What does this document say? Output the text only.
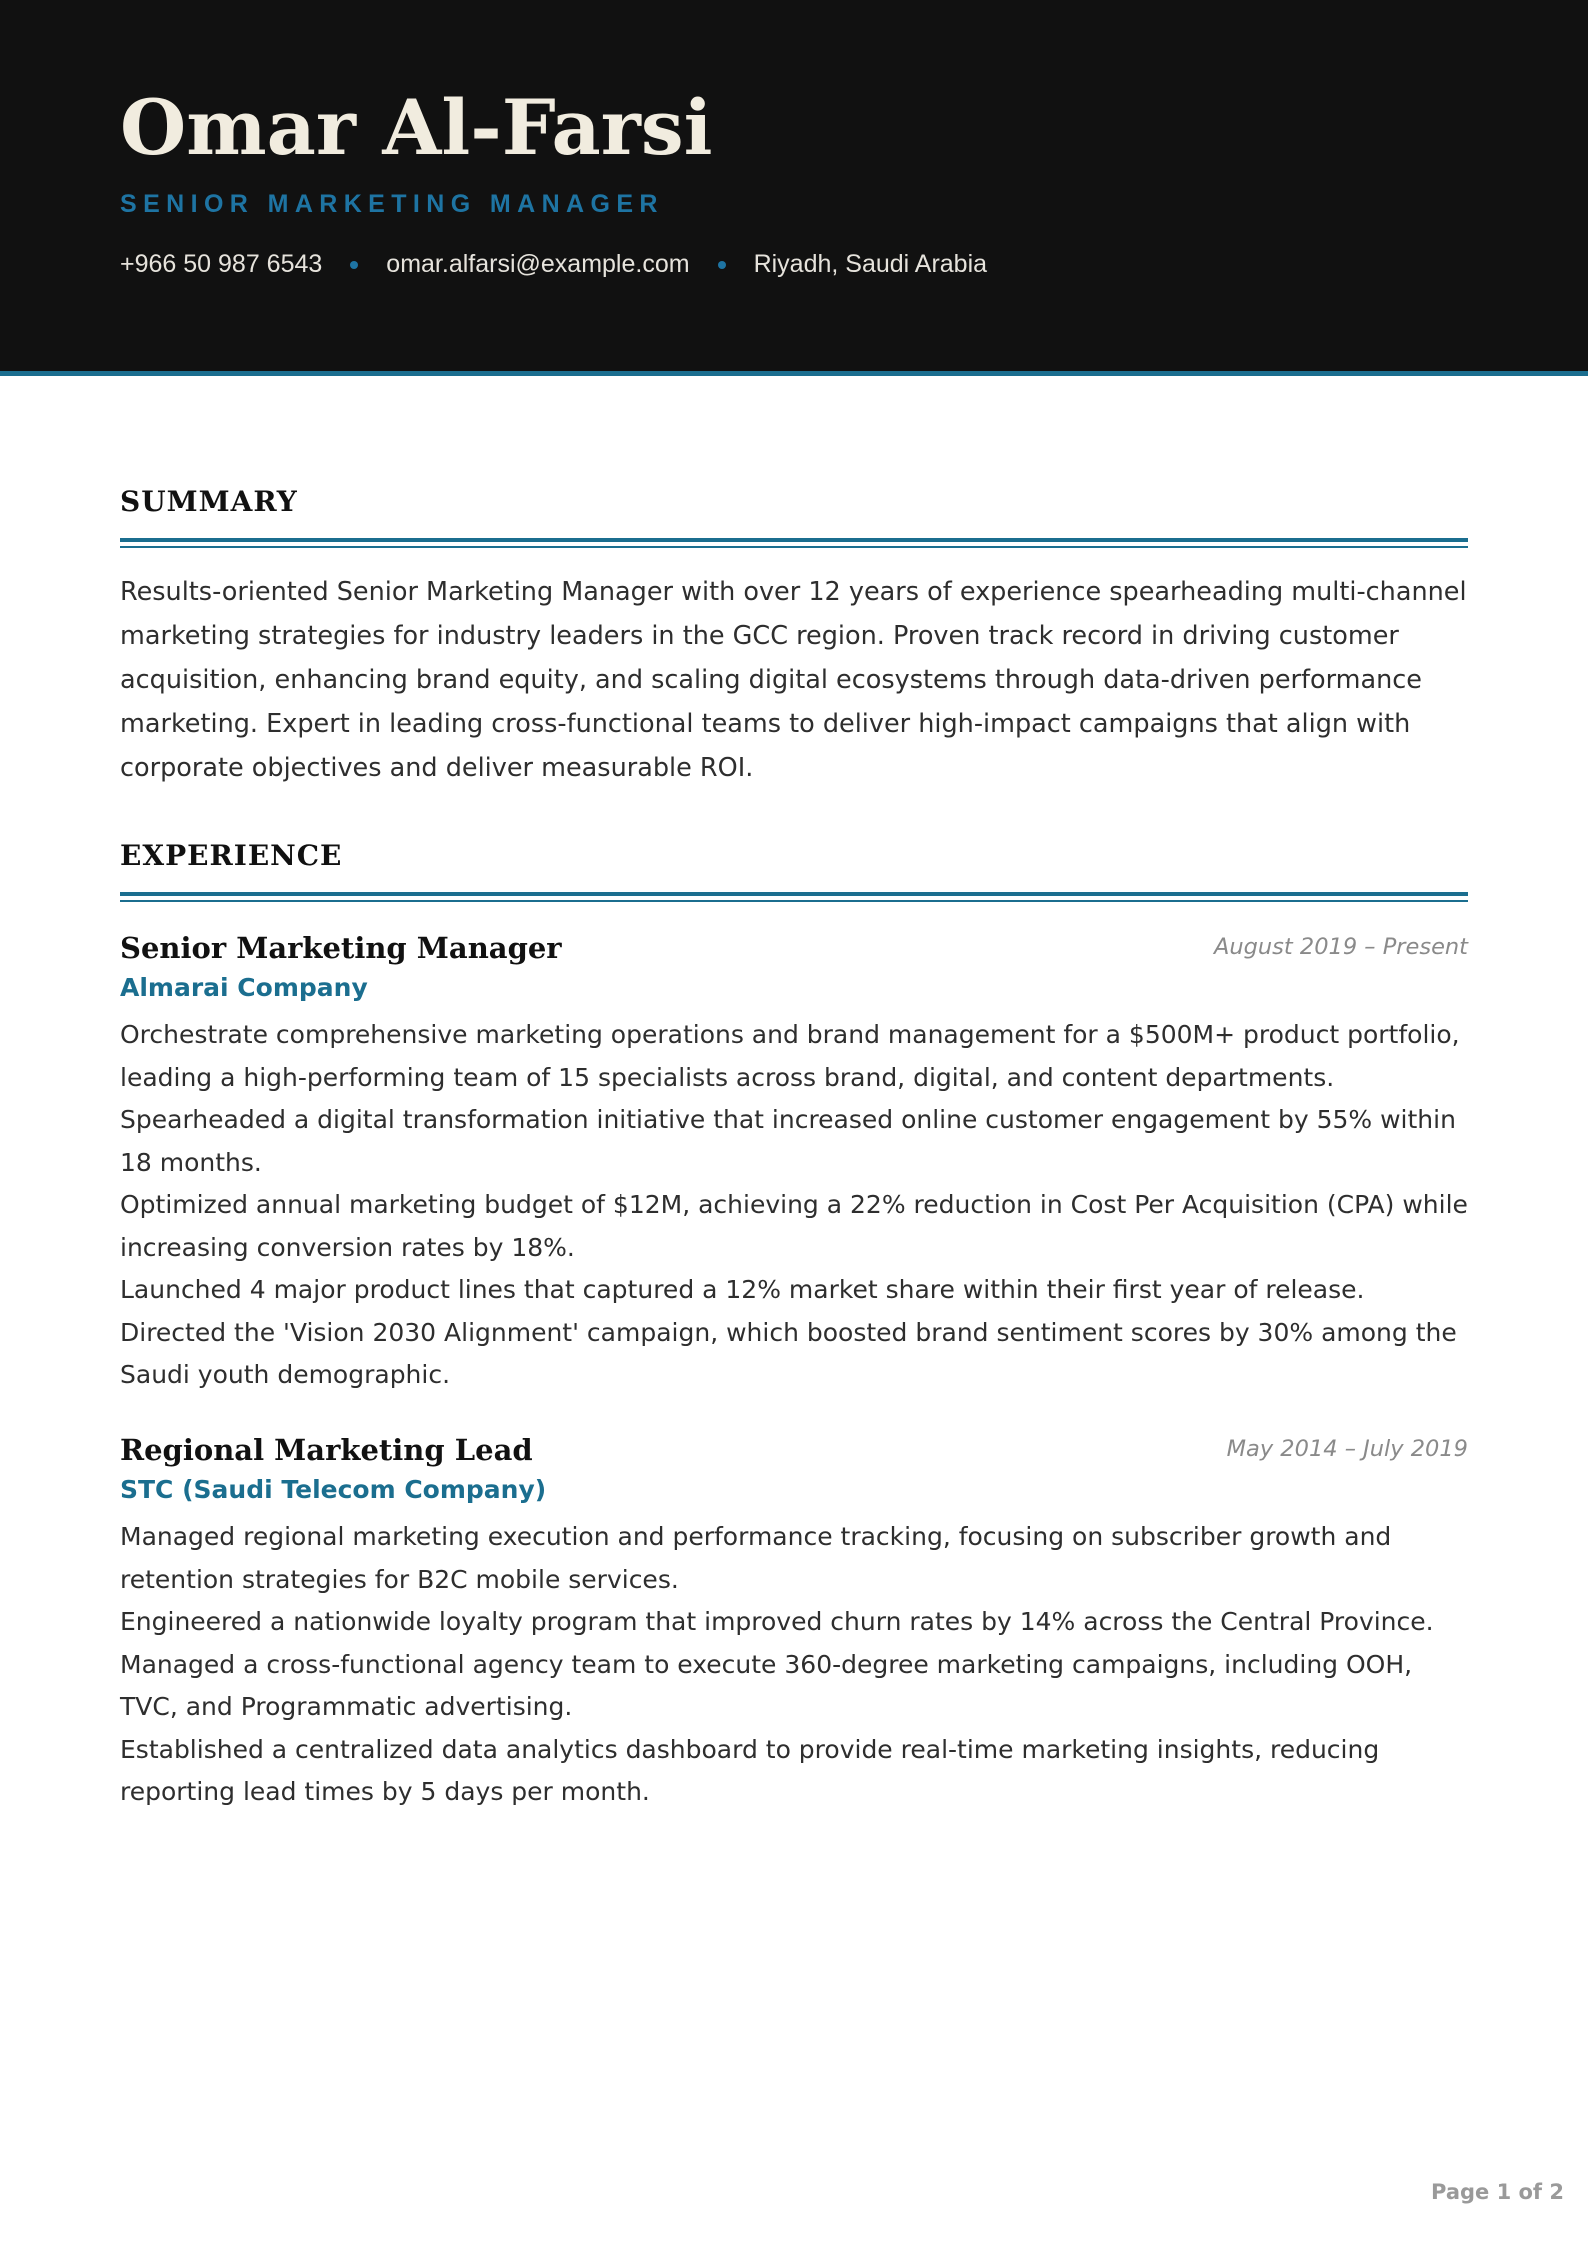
Omar Al-Farsi
SENIOR MARKETING MANAGER
+966 50 987 6543	omar.alfarsi@example.com	Riyadh, Saudi Arabia
SUMMARY

Results-oriented Senior Marketing Manager with over 12 years of experience spearheading multi-channel marketing strategies for industry leaders in the GCC region. Proven track record in driving customer acquisition, enhancing brand equity, and scaling digital ecosystems through data-driven performance marketing. Expert in leading cross-functional teams to deliver high-impact campaigns that align with corporate objectives and deliver measurable ROI.

EXPERIENCE
Senior Marketing Manager	August 2019 – Present
Almarai Company
Orchestrate comprehensive marketing operations and brand management for a $500M+ product portfolio, leading a high-performing team of 15 specialists across brand, digital, and content departments.
Spearheaded a digital transformation initiative that increased online customer engagement by 55% within 18 months.
Optimized annual marketing budget of $12M, achieving a 22% reduction in Cost Per Acquisition (CPA) while increasing conversion rates by 18%.
Launched 4 major product lines that captured a 12% market share within their first year of release.
Directed the 'Vision 2030 Alignment' campaign, which boosted brand sentiment scores by 30% among the Saudi youth demographic.
Regional Marketing Lead	May 2014 – July 2019
STC (Saudi Telecom Company)
Managed regional marketing execution and performance tracking, focusing on subscriber growth and retention strategies for B2C mobile services.
Engineered a nationwide loyalty program that improved churn rates by 14% across the Central Province.
Managed a cross-functional agency team to execute 360-degree marketing campaigns, including OOH, TVC, and Programmatic advertising.
Established a centralized data analytics dashboard to provide real-time marketing insights, reducing reporting lead times by 5 days per month.
Page 1 of 2
